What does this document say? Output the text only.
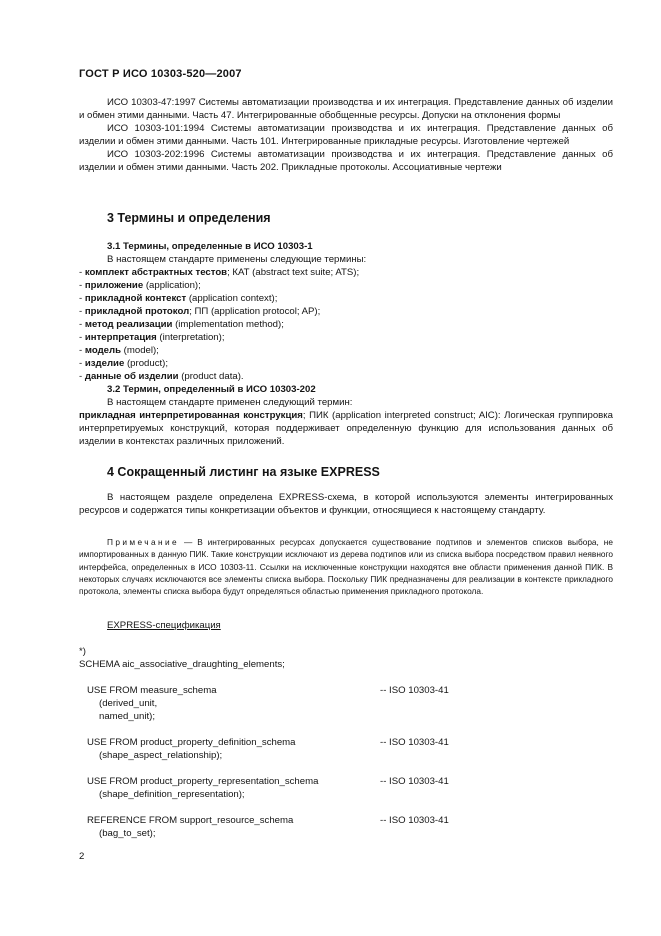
ГОСТ Р ИСО 10303-520—2007

ИСО 10303-47:1997 Системы автоматизации производства и их интеграция. Представление данных об изделии и обмен этими данными. Часть 47. Интегрированные обобщенные ресурсы. Допуски на отклонения формы

ИСО 10303-101:1994 Системы автоматизации производства и их интеграция. Представление данных об изделии и обмен этими данными. Часть 101. Интегрированные прикладные ресурсы. Изготовление чертежей

ИСО 10303-202:1996 Системы автоматизации производства и их интеграция. Представление данных об изделии и обмен этими данными. Часть 202. Прикладные протоколы. Ассоциативные чертежи

3 Термины и определения

3.1 Термины, определенные в ИСО 10303-1

В настоящем стандарте применены следующие термины:

- комплект абстрактных тестов; КАТ (abstract text suite; ATS);

- приложение (application);

- прикладной контекст (application context);

- прикладной протокол; ПП (application protocol; AP);

- метод реализации (implementation method);

- интерпретация (interpretation);

- модель (model);

- изделие (product);

- данные об изделии (product data).

3.2 Термин, определенный в ИСО 10303-202

В настоящем стандарте применен следующий термин:

прикладная интерпретированная конструкция; ПИК (application interpreted construct; AIC): Логическая группировка интерпретируемых конструкций, которая поддерживает определенную функцию для использования данных об изделии в контекстах различных приложений.

4 Сокращенный листинг на языке EXPRESS

В настоящем разделе определена EXPRESS-схема, в которой используются элементы интегрированных ресурсов и содержатся типы конкретизации объектов и функции, относящиеся к настоящему стандарту.

Примечание — В интегрированных ресурсах допускается существование подтипов и элементов списков выбора, не импортированных в данную ПИК. Такие конструкции исключают из дерева подтипов или из списка выбора посредством правил неявного интерфейса, определенных в ИСО 10303-11. Ссылки на исключенные конструкции находятся вне области применения данной ПИК. В некоторых случаях исключаются все элементы списка выбора. Поскольку ПИК предназначены для реализации в контексте прикладного протокола, элементы списка выбора будут определяться областью применения прикладного протокола.

EXPRESS-спецификация
*)
SCHEMA aic_associative_draughting_elements;
USE FROM measure_schema	-- ISO 10303-41
(derived_unit,
named_unit);
USE FROM product_property_definition_schema	-- ISO 10303-41
(shape_aspect_relationship);
USE FROM product_property_representation_schema	-- ISO 10303-41
(shape_definition_representation);
REFERENCE FROM support_resource_schema	-- ISO 10303-41
(bag_to_set);
2
